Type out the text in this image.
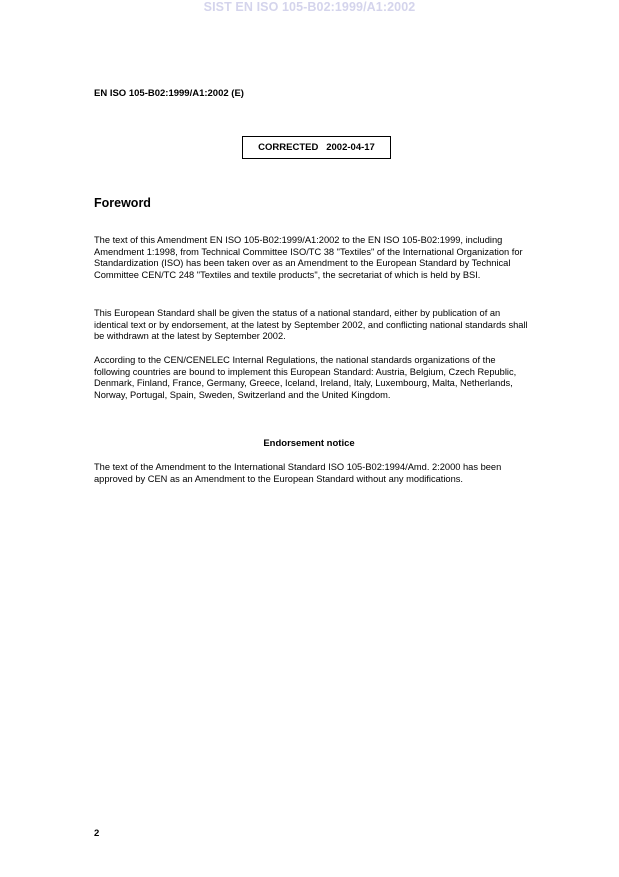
SIST EN ISO 105-B02:1999/A1:2002
EN ISO 105-B02:1999/A1:2002 (E)
CORRECTED   2002-04-17
Foreword

The text of this Amendment EN ISO 105-B02:1999/A1:2002 to the EN ISO 105-B02:1999, including Amendment 1:1998, from Technical Committee ISO/TC 38 "Textiles" of the International Organization for Standardization (ISO) has been taken over as an Amendment to the European Standard by Technical Committee CEN/TC 248 "Textiles and textile products", the secretariat of which is held by BSI.

This European Standard shall be given the status of a national standard, either by publication of an identical text or by endorsement, at the latest by September 2002, and conflicting national standards shall be withdrawn at the latest by September 2002.

According to the CEN/CENELEC Internal Regulations, the national standards organizations of the following countries are bound to implement this European Standard: Austria, Belgium, Czech Republic, Denmark, Finland, France, Germany, Greece, Iceland, Ireland, Italy, Luxembourg, Malta, Netherlands, Norway, Portugal, Spain, Sweden, Switzerland and the United Kingdom.

Endorsement notice

The text of the Amendment to the International Standard ISO 105-B02:1994/Amd. 2:2000 has been approved by CEN as an Amendment to the European Standard without any modifications.

2
